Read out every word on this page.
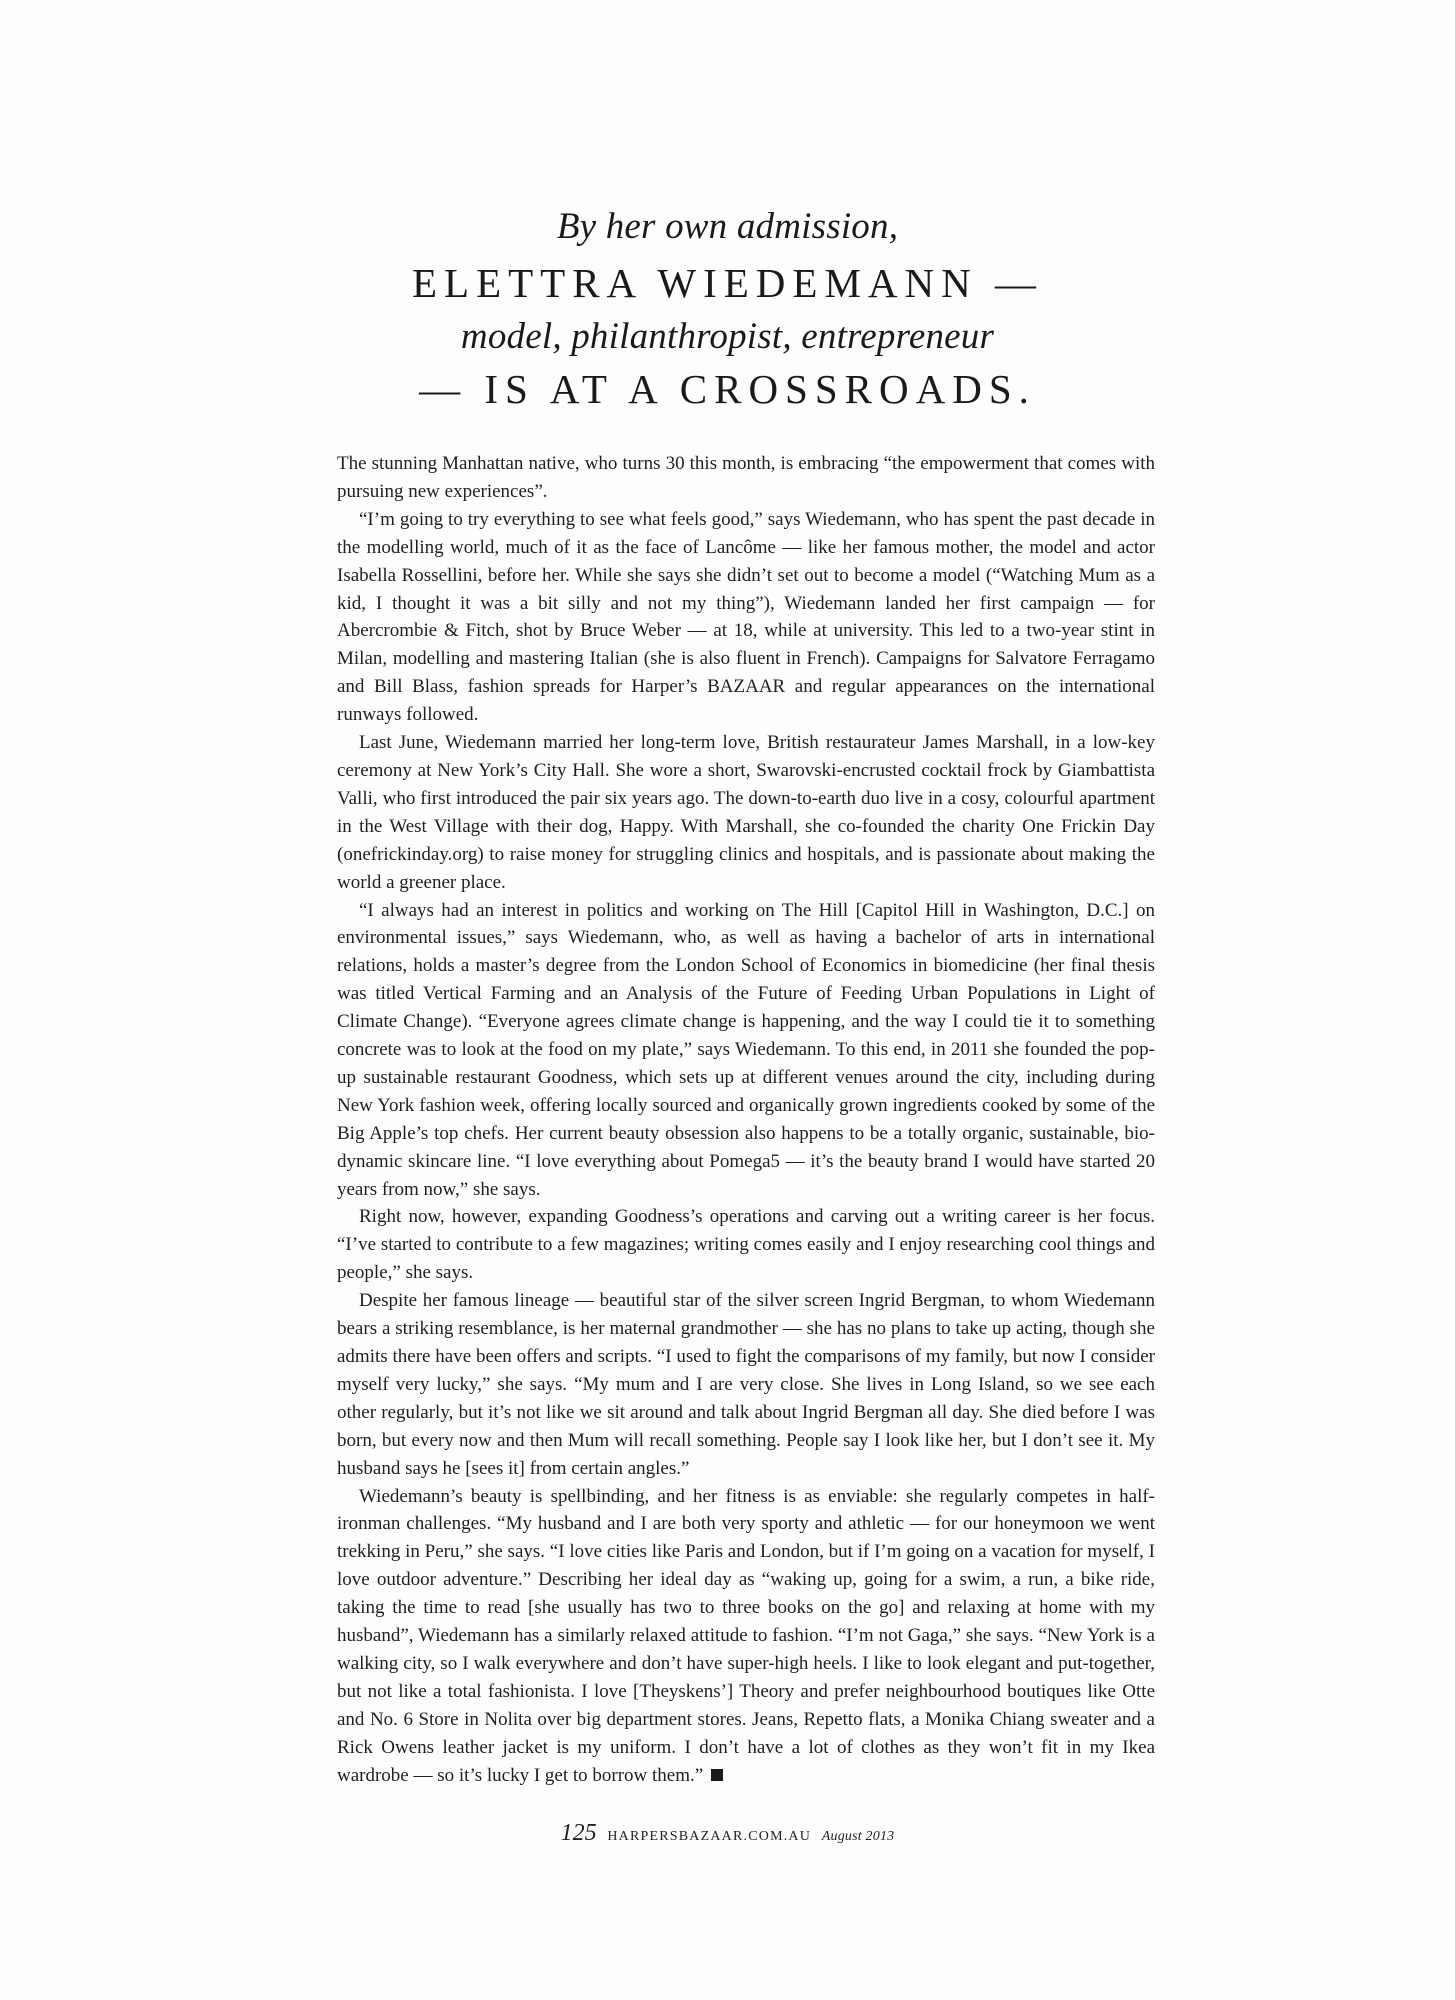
By her own admission,
ELETTRA WIEDEMANN —
model, philanthropist, entrepreneur
— IS AT A CROSSROADS.

The stunning Manhattan native, who turns 30 this month, is embracing “the empowerment that comes with pursuing new experiences”.

“I’m going to try everything to see what feels good,” says Wiedemann, who has spent the past decade in the modelling world, much of it as the face of Lancôme — like her famous mother, the model and actor Isabella Rossellini, before her. While she says she didn’t set out to become a model (“Watching Mum as a kid, I thought it was a bit silly and not my thing”), Wiedemann landed her first campaign — for Abercrombie & Fitch, shot by Bruce Weber — at 18, while at university. This led to a two-year stint in Milan, modelling and mastering Italian (she is also fluent in French). Campaigns for Salvatore Ferragamo and Bill Blass, fashion spreads for Harper’s BAZAAR and regular appearances on the international runways followed.

Last June, Wiedemann married her long-term love, British restaurateur James Marshall, in a low-key ceremony at New York’s City Hall. She wore a short, Swarovski-encrusted cocktail frock by Giambattista Valli, who first introduced the pair six years ago. The down-to-earth duo live in a cosy, colourful apartment in the West Village with their dog, Happy. With Marshall, she co-founded the charity One Frickin Day (onefrickinday.org) to raise money for struggling clinics and hospitals, and is passionate about making the world a greener place.

“I always had an interest in politics and working on The Hill [Capitol Hill in Washington, D.C.] on environmental issues,” says Wiedemann, who, as well as having a bachelor of arts in international relations, holds a master’s degree from the London School of Economics in biomedicine (her final thesis was titled Vertical Farming and an Analysis of the Future of Feeding Urban Populations in Light of Climate Change). “Everyone agrees climate change is happening, and the way I could tie it to something concrete was to look at the food on my plate,” says Wiedemann. To this end, in 2011 she founded the pop-up sustainable restaurant Goodness, which sets up at different venues around the city, including during New York fashion week, offering locally sourced and organically grown ingredients cooked by some of the Big Apple’s top chefs. Her current beauty obsession also happens to be a totally organic, sustainable, bio-dynamic skincare line. “I love everything about Pomega5 — it’s the beauty brand I would have started 20 years from now,” she says.

Right now, however, expanding Goodness’s operations and carving out a writing career is her focus. “I’ve started to contribute to a few magazines; writing comes easily and I enjoy researching cool things and people,” she says.

Despite her famous lineage — beautiful star of the silver screen Ingrid Bergman, to whom Wiedemann bears a striking resemblance, is her maternal grandmother — she has no plans to take up acting, though she admits there have been offers and scripts. “I used to fight the comparisons of my family, but now I consider myself very lucky,” she says. “My mum and I are very close. She lives in Long Island, so we see each other regularly, but it’s not like we sit around and talk about Ingrid Bergman all day. She died before I was born, but every now and then Mum will recall something. People say I look like her, but I don’t see it. My husband says he [sees it] from certain angles.”

Wiedemann’s beauty is spellbinding, and her fitness is as enviable: she regularly competes in half-ironman challenges. “My husband and I are both very sporty and athletic — for our honeymoon we went trekking in Peru,” she says. “I love cities like Paris and London, but if I’m going on a vacation for myself, I love outdoor adventure.” Describing her ideal day as “waking up, going for a swim, a run, a bike ride, taking the time to read [she usually has two to three books on the go] and relaxing at home with my husband”, Wiedemann has a similarly relaxed attitude to fashion. “I’m not Gaga,” she says. “New York is a walking city, so I walk everywhere and don’t have super-high heels. I like to look elegant and put-together, but not like a total fashionista. I love [Theyskens’] Theory and prefer neighbourhood boutiques like Otte and No. 6 Store in Nolita over big department stores. Jeans, Repetto flats, a Monika Chiang sweater and a Rick Owens leather jacket is my uniform. I don’t have a lot of clothes as they won’t fit in my Ikea wardrobe — so it’s lucky I get to borrow them.”

125 HARPERSBAZAAR.COM.AU August 2013
